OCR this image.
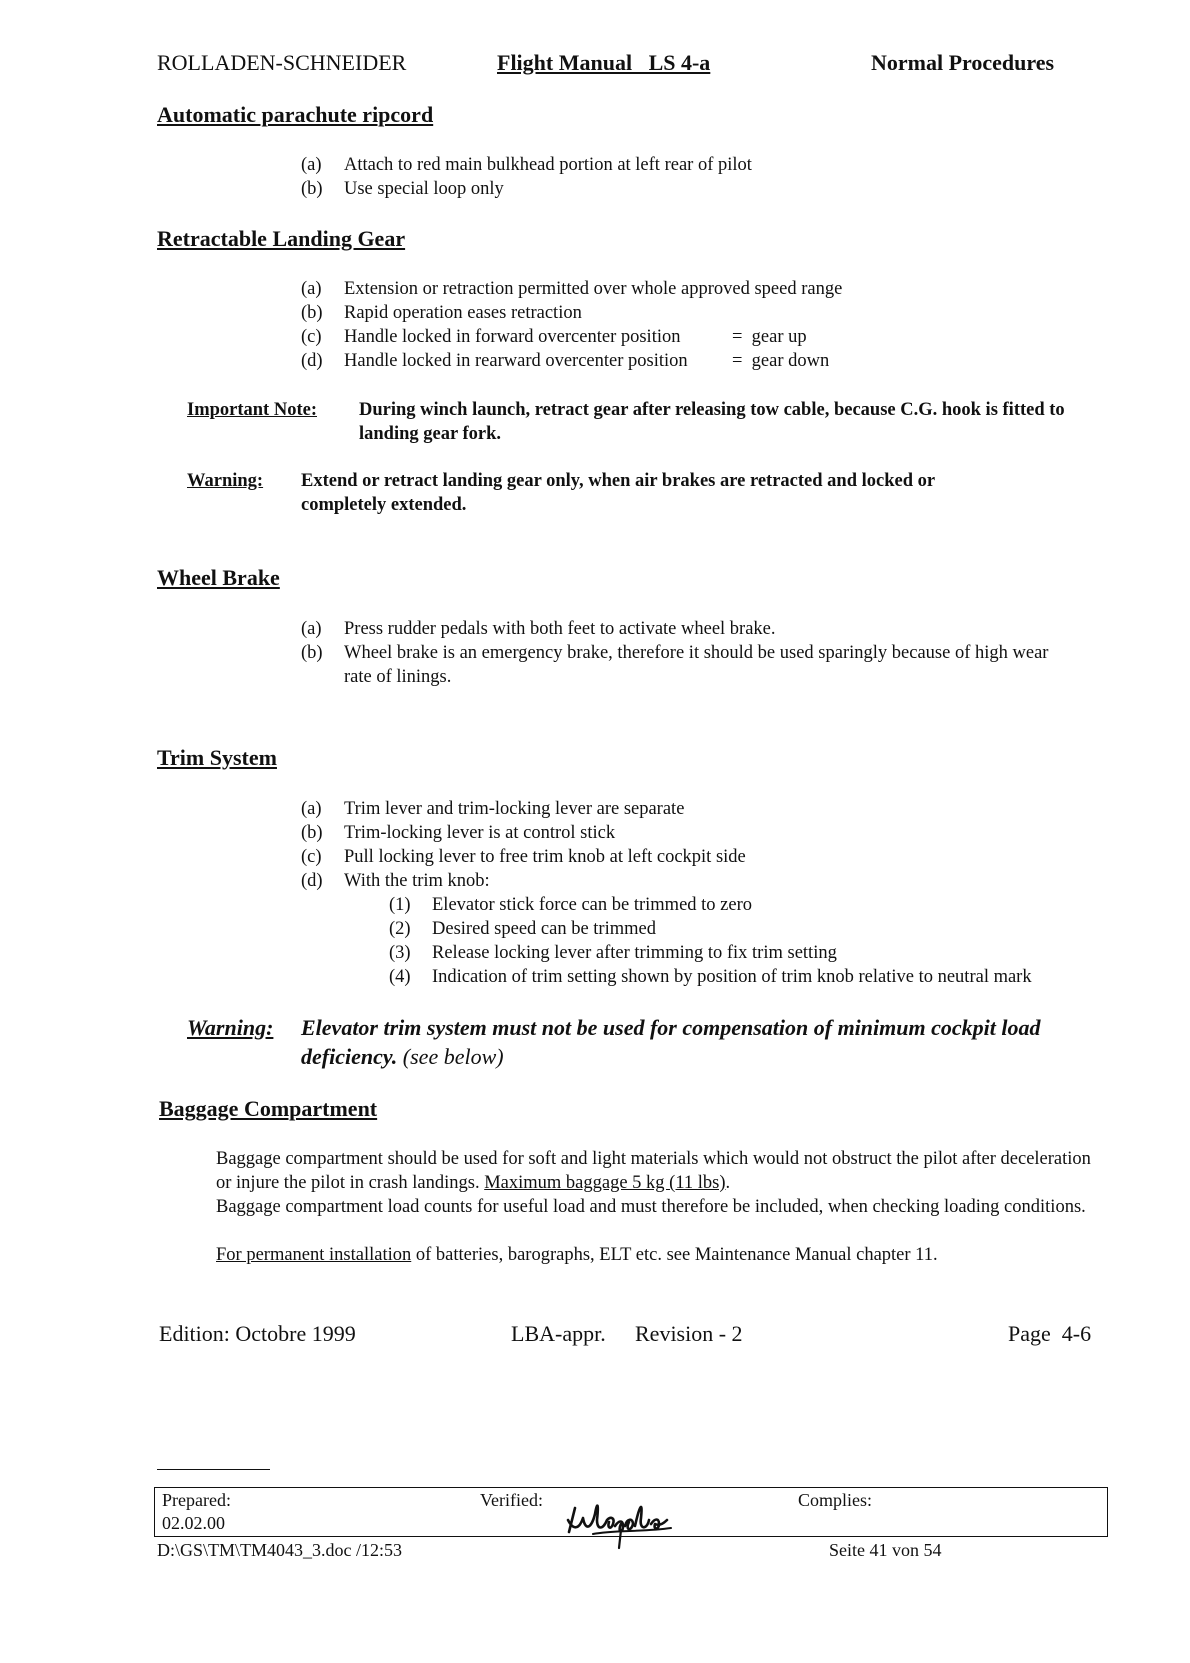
ROLLADEN-SCHNEIDER	Flight Manual   LS 4-a	Normal Procedures
Automatic parachute ripcord
(a)	Attach to red main bulkhead portion at left rear of pilot
(b)	Use special loop only
Retractable Landing Gear
(a)	Extension or retraction permitted over whole approved speed range
(b)	Rapid operation eases retraction
(c)	Handle locked in forward overcenter position	=  gear up
(d)	Handle locked in rearward overcenter position =  gear down
Important Note: During winch launch, retract gear after releasing tow cable, because C.G. hook is fitted to landing gear fork.
Warning: Extend or retract landing gear only, when air brakes are retracted and locked or completely extended.
Wheel Brake
(a)	Press rudder pedals with both feet to activate wheel brake.
(b)	Wheel brake is an emergency brake, therefore it should be used sparingly because of high wear rate of linings.
Trim System
(a)	Trim lever and trim-locking lever are separate
(b)	Trim-locking lever is at control stick
(c)	Pull locking lever to free trim knob at left cockpit side
(d)	With the trim knob:
(1)	Elevator stick force can be trimmed to zero
(2)	Desired speed can be trimmed
(3)	Release locking lever after trimming to fix trim setting
(4)	Indication of trim setting shown by position of trim knob relative to neutral mark
Warning: Elevator trim system must not be used for compensation of minimum cockpit load deficiency. (see below)
Baggage Compartment
Baggage compartment should be used for soft and light materials which would not obstruct the pilot after deceleration or injure the pilot in crash landings. Maximum baggage 5 kg (11 lbs).
Baggage compartment load counts for useful load and must therefore be included, when checking loading conditions.
For permanent installation of batteries, barographs, ELT etc. see Maintenance Manual chapter 11.
Edition: Octobre 1999	LBA-appr. Revision - 2	Page  4-6
Prepared:
02.02.00
Verified:	Complies:
D:\GS\TM\TM4043_3.doc /12:53	Seite 41 von 54
